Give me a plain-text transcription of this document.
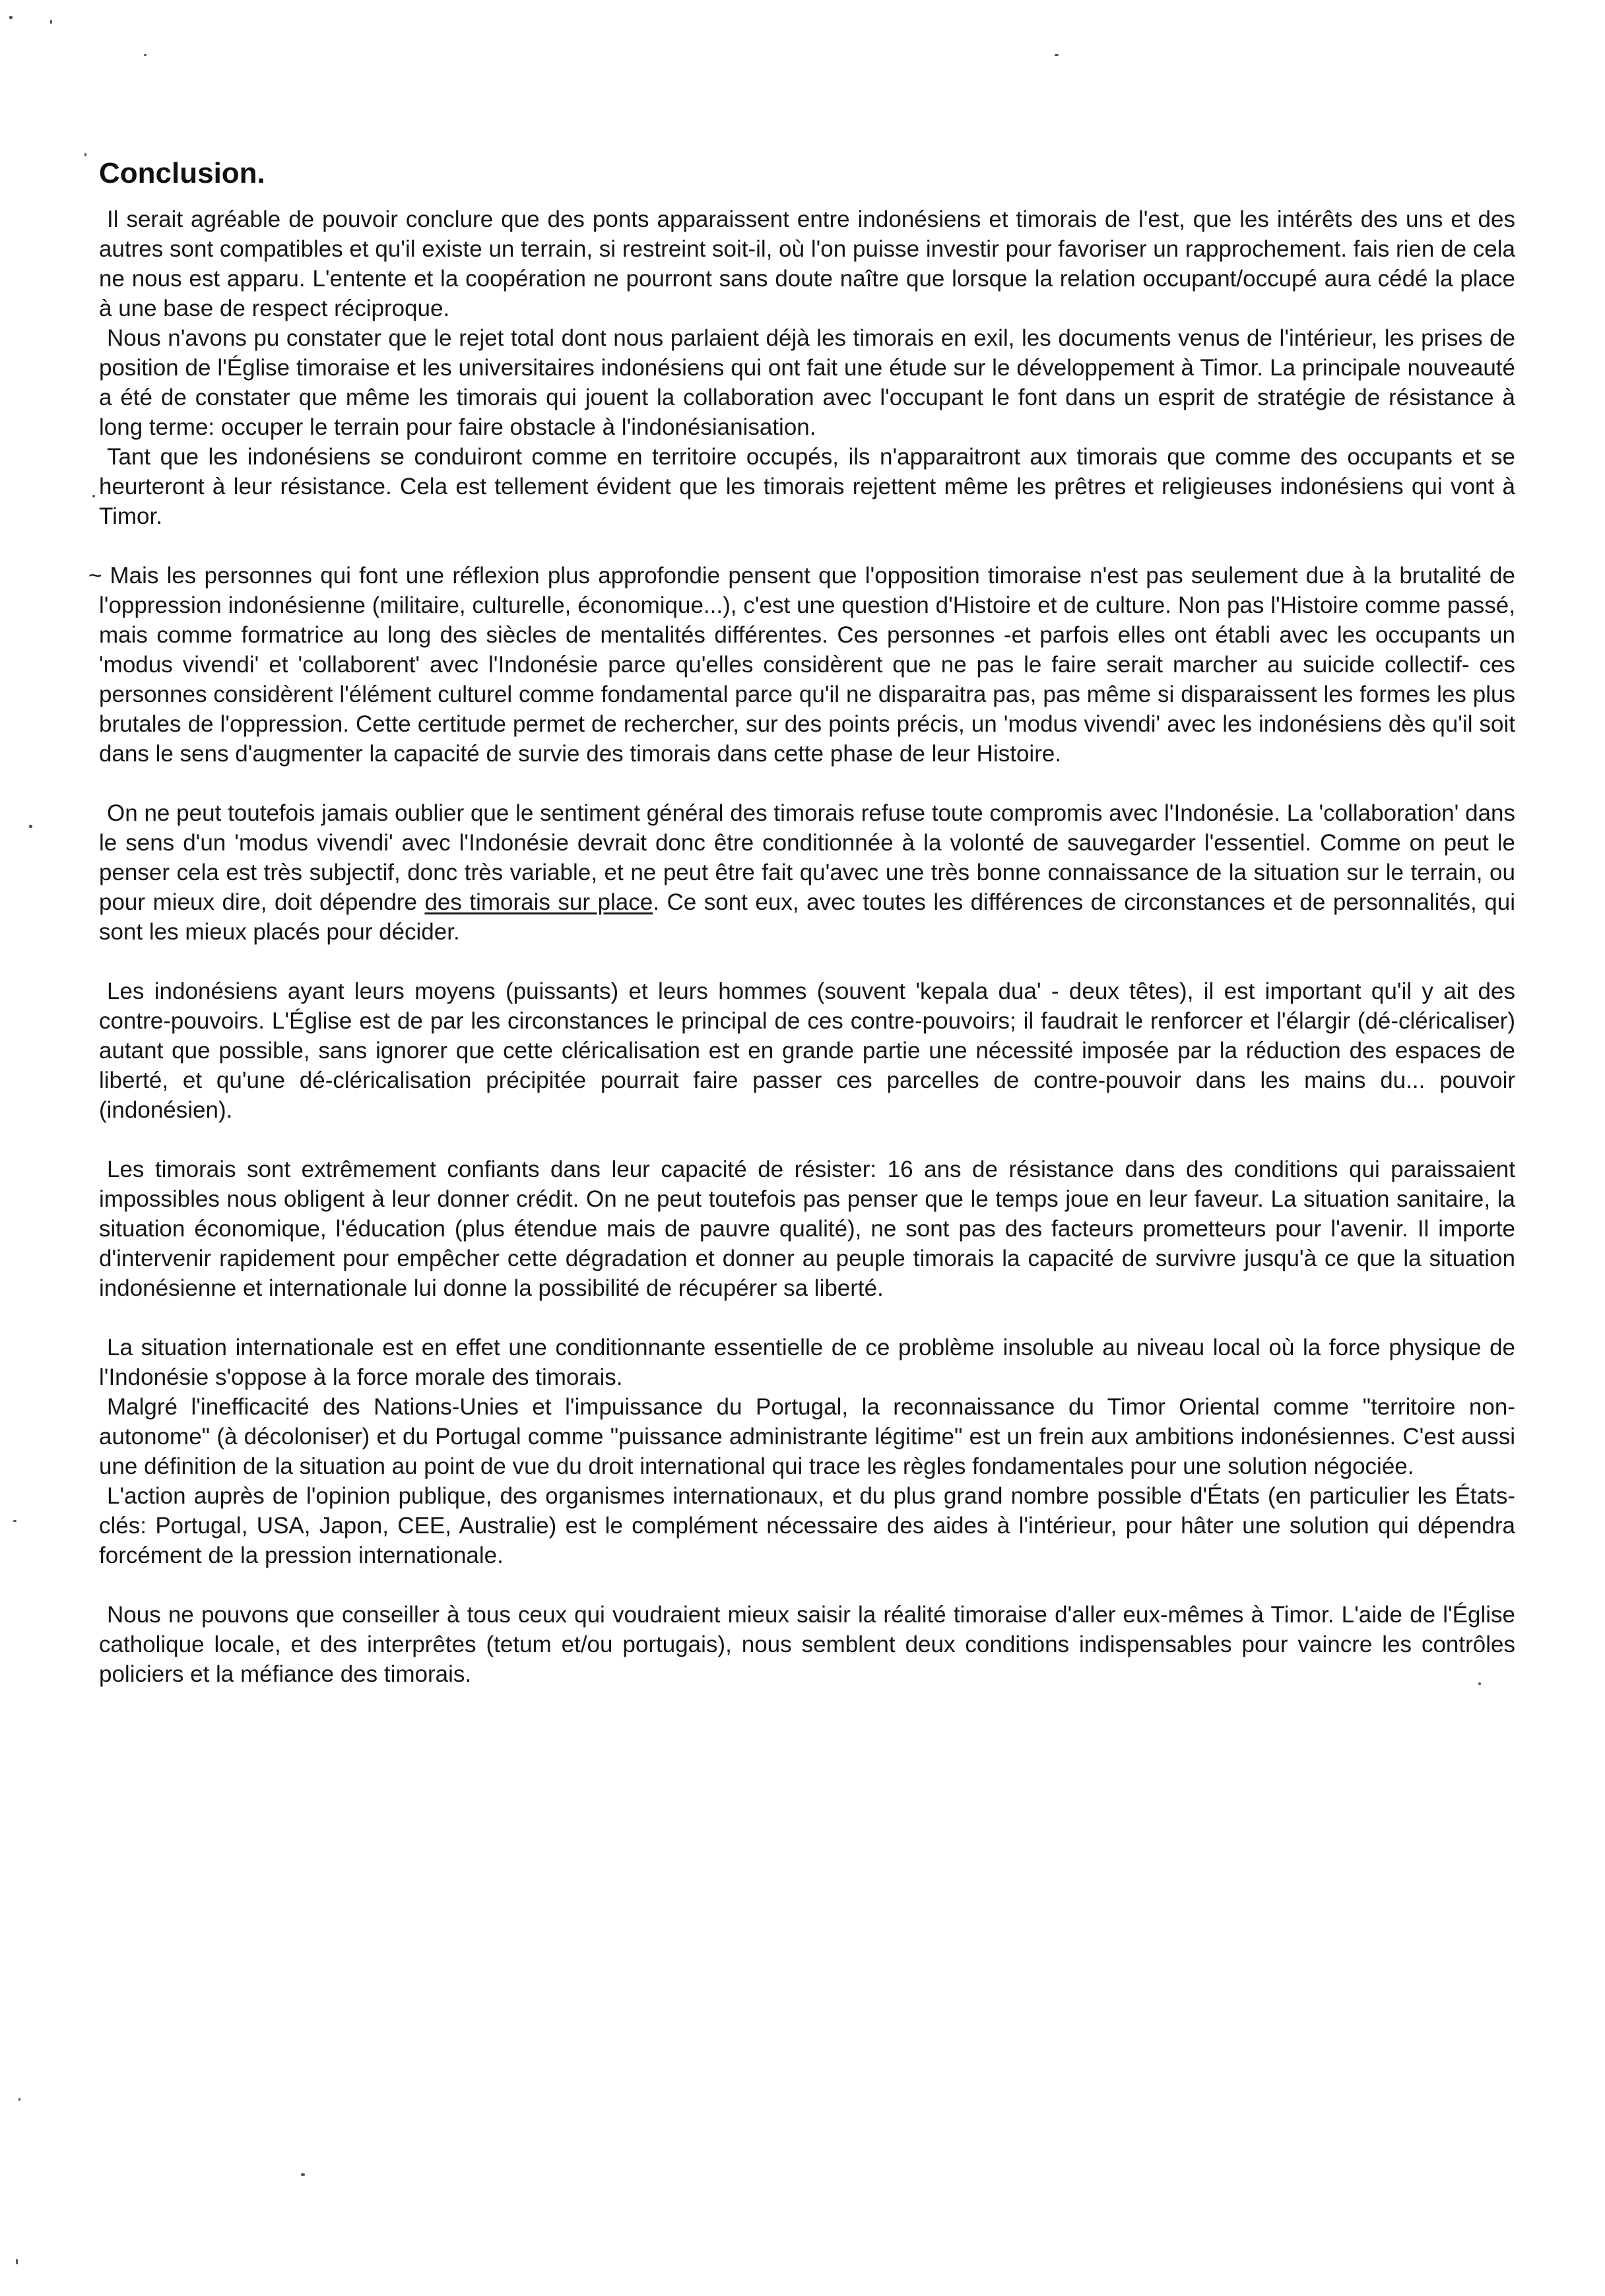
Conclusion.

Il serait agréable de pouvoir conclure que des ponts apparaissent entre indonésiens et timorais de l'est, que les intérêts des uns et des autres sont compatibles et qu'il existe un terrain, si restreint soit-il, où l'on puisse investir pour favoriser un rapprochement. fais rien de cela ne nous est apparu. L'entente et la coopération ne pourront sans doute naître que lorsque la relation occupant/occupé aura cédé la place à une base de respect réciproque.

Nous n'avons pu constater que le rejet total dont nous parlaient déjà les timorais en exil, les documents venus de l'intérieur, les prises de position de l'Église timoraise et les universitaires indonésiens qui ont fait une étude sur le développement à Timor. La principale nouveauté a été de constater que même les timorais qui jouent la collaboration avec l'occupant le font dans un esprit de stratégie de résistance à long terme: occuper le terrain pour faire obstacle à l'indonésianisation.

Tant que les indonésiens se conduiront comme en territoire occupés, ils n'apparaitront aux timorais que comme des occupants et se heurteront à leur résistance. Cela est tellement évident que les timorais rejettent même les prêtres et religieuses indonésiens qui vont à Timor.

~ Mais les personnes qui font une réflexion plus approfondie pensent que l'opposition timoraise n'est pas seulement due à la brutalité de l'oppression indonésienne (militaire, culturelle, économique...), c'est une question d'Histoire et de culture. Non pas l'Histoire comme passé, mais comme formatrice au long des siècles de mentalités différentes. Ces personnes -et parfois elles ont établi avec les occupants un 'modus vivendi' et 'collaborent' avec l'Indonésie parce qu'elles considèrent que ne pas le faire serait marcher au suicide collectif- ces personnes considèrent l'élément culturel comme fondamental parce qu'il ne disparaitra pas, pas même si disparaissent les formes les plus brutales de l'oppression. Cette certitude permet de rechercher, sur des points précis, un 'modus vivendi' avec les indonésiens dès qu'il soit dans le sens d'augmenter la capacité de survie des timorais dans cette phase de leur Histoire.

On ne peut toutefois jamais oublier que le sentiment général des timorais refuse toute compromis avec l'Indonésie. La 'collaboration' dans le sens d'un 'modus vivendi' avec l'Indonésie devrait donc être conditionnée à la volonté de sauvegarder l'essentiel. Comme on peut le penser cela est très subjectif, donc très variable, et ne peut être fait qu'avec une très bonne connaissance de la situation sur le terrain, ou pour mieux dire, doit dépendre des timorais sur place. Ce sont eux, avec toutes les différences de circonstances et de personnalités, qui sont les mieux placés pour décider.

Les indonésiens ayant leurs moyens (puissants) et leurs hommes (souvent 'kepala dua' - deux têtes), il est important qu'il y ait des contre-pouvoirs. L'Église est de par les circonstances le principal de ces contre-pouvoirs; il faudrait le renforcer et l'élargir (dé-cléricaliser) autant que possible, sans ignorer que cette cléricalisation est en grande partie une nécessité imposée par la réduction des espaces de liberté, et qu'une dé-cléricalisation précipitée pourrait faire passer ces parcelles de contre-pouvoir dans les mains du... pouvoir (indonésien).

Les timorais sont extrêmement confiants dans leur capacité de résister: 16 ans de résistance dans des conditions qui paraissaient impossibles nous obligent à leur donner crédit. On ne peut toutefois pas penser que le temps joue en leur faveur. La situation sanitaire, la situation économique, l'éducation (plus étendue mais de pauvre qualité), ne sont pas des facteurs prometteurs pour l'avenir. Il importe d'intervenir rapidement pour empêcher cette dégradation et donner au peuple timorais la capacité de survivre jusqu'à ce que la situation indonésienne et internationale lui donne la possibilité de récupérer sa liberté.

La situation internationale est en effet une conditionnante essentielle de ce problème insoluble au niveau local où la force physique de l'Indonésie s'oppose à la force morale des timorais.

Malgré l'inefficacité des Nations-Unies et l'impuissance du Portugal, la reconnaissance du Timor Oriental comme "territoire non-autonome" (à décoloniser) et du Portugal comme "puissance administrante légitime" est un frein aux ambitions indonésiennes. C'est aussi une définition de la situation au point de vue du droit international qui trace les règles fondamentales pour une solution négociée.

L'action auprès de l'opinion publique, des organismes internationaux, et du plus grand nombre possible d'États (en particulier les États-clés: Portugal, USA, Japon, CEE, Australie) est le complément nécessaire des aides à l'intérieur, pour hâter une solution qui dépendra forcément de la pression internationale.

Nous ne pouvons que conseiller à tous ceux qui voudraient mieux saisir la réalité timoraise d'aller eux-mêmes à Timor. L'aide de l'Église catholique locale, et des interprêtes (tetum et/ou portugais), nous semblent deux conditions indispensables pour vaincre les contrôles policiers et la méfiance des timorais.
